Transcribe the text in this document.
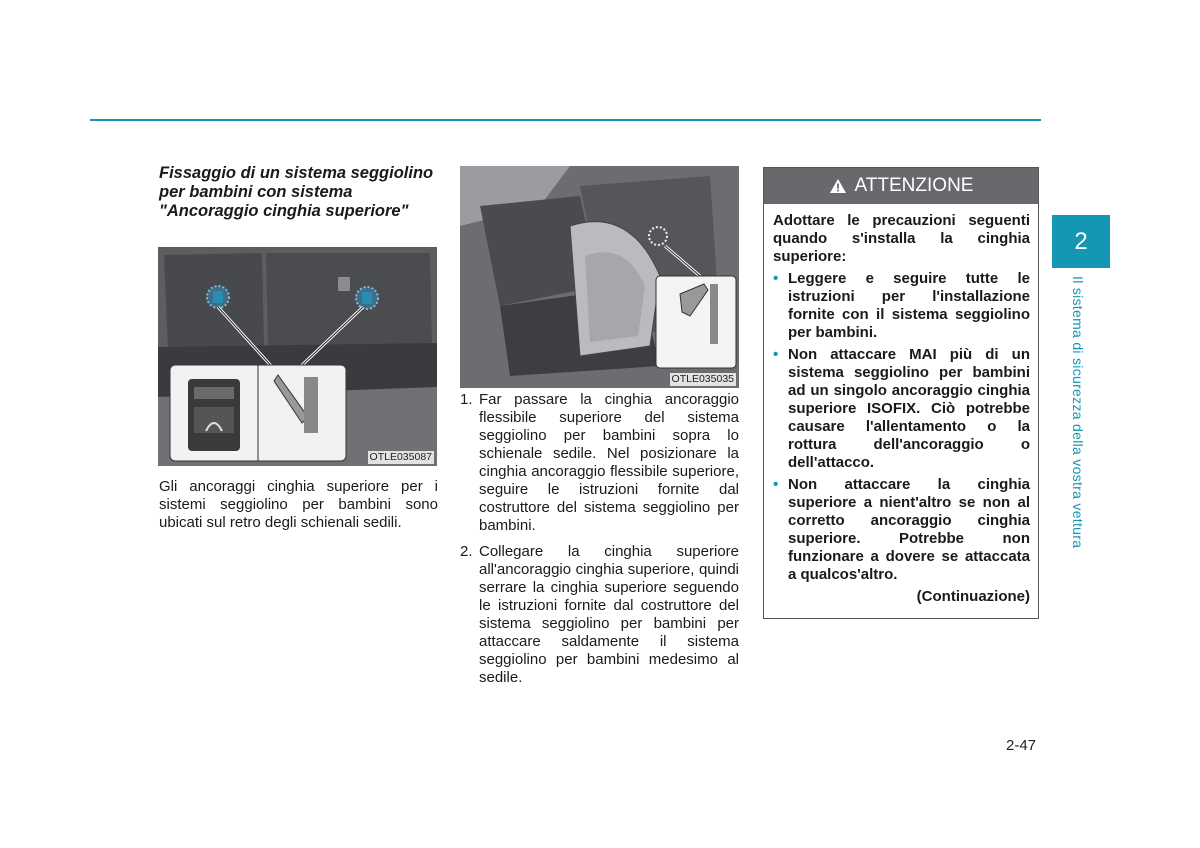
Fissaggio di un sistema seggiolino per bambini con sistema "Ancoraggio cinghia superiore"

Gli ancoraggi cinghia superiore per i sistemi seggiolino per bambini sono ubicati sul retro degli schienali sedili.

OTLE035087
OTLE035035
1. Far passare la cinghia ancoraggio flessibile superiore del sistema seggiolino per bambini sopra lo schienale sedile. Nel posizionare la cinghia ancoraggio flessibile superiore, seguire le istruzioni fornite dal costruttore del sistema seggiolino per bambini.
2. Collegare la cinghia superiore all'ancoraggio cinghia superiore, quindi serrare la cinghia superiore seguendo le istruzioni fornite dal costruttore del sistema seggiolino per bambini per attaccare saldamente il sistema seggiolino per bambini medesimo al sedile.
ATTENZIONE

Adottare le precauzioni seguenti quando s'installa la cinghia superiore:

• Leggere e seguire tutte le istruzioni per l'installazione fornite con il sistema seggiolino per bambini.
• Non attaccare MAI più di un sistema seggiolino per bambini ad un singolo ancoraggio cinghia superiore ISOFIX. Ciò potrebbe causare l'allentamento o la rottura dell'ancoraggio o dell'attacco.
• Non attaccare la cinghia superiore a nient'altro se non al corretto ancoraggio cinghia superiore. Potrebbe non funzionare a dovere se attaccata a qualcos'altro.
(Continuazione)
2
Il sistema di sicurezza della vostra vettura
2-47
